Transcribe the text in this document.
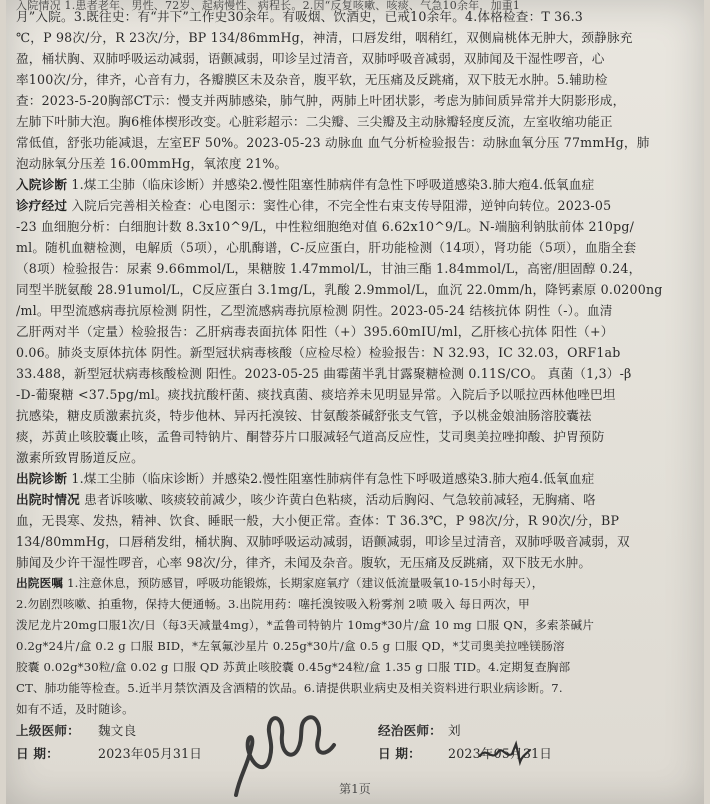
入院情况 1.患者老年、男性、72岁、起病慢性、病程长。2.因“反复咳嗽、咳痰、气急10余年，加重1

月”入院。3.既往史：有“井下”工作史30余年。有吸烟、饮酒史，已戒10余年。4.体格检查：T 36.3

℃，P 98次/分，R 23次/分，BP 134/86mmHg，神清，口唇发绀，咽稍红，双侧扁桃体无肿大，颈静脉充

盈，桶状胸、双肺呼吸运动减弱，语颤减弱，叩诊呈过清音，双肺呼吸音减弱，双肺闻及干湿性啰音，心

率100次/分，律齐，心音有力，各瓣膜区未及杂音，腹平软，无压痛及反跳痛，双下肢无水肿。5.辅助检

查：2023-5-20胸部CT示：慢支并两肺感染，肺气肿，两肺上叶团状影，考虑为肺间质异常并大阴影形成，

左肺下叶肺大泡。胸6椎体楔形改变。心脏彩超示：二尖瓣、三尖瓣及主动脉瓣轻度反流，左室收缩功能正

常低值，舒张功能减退，左室EF 50%。2023-05-23 动脉血 血气分析检验报告：动脉血氧分压 77mmHg，肺

泡动脉氧分压差 16.00mmHg，氧浓度 21%。

入院诊断 1.煤工尘肺（临床诊断）并感染2.慢性阻塞性肺病伴有急性下呼吸道感染3.肺大疱4.低氧血症

诊疗经过 入院后完善相关检查：心电图示：窦性心律，不完全性右束支传导阻滞，逆钟向转位。2023-05

-23 血细胞分析：白细胞计数 8.3x10^9/L，中性粒细胞绝对值 6.62x10^9/L。N-端脑利钠肽前体 210pg/

ml。随机血糖检测，电解质（5项），心肌酶谱，C-反应蛋白，肝功能检测（14项），肾功能（5项），血脂全套

（8项）检验报告：尿素 9.66mmol/L，果糖胺 1.47mmol/L，甘油三酯 1.84mmol/L，高密/胆固醇 0.24，

同型半胱氨酸 28.91umol/L，C反应蛋白 3.1mg/L，乳酸 2.9mmol/L，血沉 22.0mm/h，降钙素原 0.0200ng

/ml。甲型流感病毒抗原检测 阴性，乙型流感病毒抗原检测 阴性。2023-05-24 结核抗体 阴性（-）。血清

乙肝两对半（定量）检验报告：乙肝病毒表面抗体 阳性（+）395.60mIU/ml，乙肝核心抗体 阳性（+）

0.06。肺炎支原体抗体 阴性。新型冠状病毒核酸（应检尽检）检验报告：N 32.93，IC 32.03，ORF1ab

33.488，新型冠状病毒核酸检测 阳性。2023-05-25 曲霉菌半乳甘露聚糖检测 0.11S/CO。 真菌（1,3）-β

-D-葡聚糖 <37.5pg/ml。痰找抗酸杆菌、痰找真菌、痰培养未见明显异常。入院后予以哌拉西林他唑巴坦

抗感染，糖皮质激素抗炎，特步他林、异丙托溴铵、甘氨酸茶碱舒张支气管，予以桃金娘油肠溶胶囊祛

痰，苏黄止咳胶囊止咳，孟鲁司特钠片、酮替芬片口服减轻气道高反应性，艾司奥美拉唑抑酸、护胃预防

激素所致胃肠道反应。

出院诊断 1.煤工尘肺（临床诊断）并感染2.慢性阻塞性肺病伴有急性下呼吸道感染3.肺大疱4.低氧血症

出院时情况 患者诉咳嗽、咳痰较前减少，咳少许黄白色粘痰，活动后胸闷、气急较前减轻，无胸痛、咯

血，无畏寒、发热，精神、饮食、睡眠一般，大小便正常。查体：T 36.3℃，P 98次/分，R 90次/分，BP

134/80mmHg，口唇稍发绀，桶状胸、双肺呼吸运动减弱，语颤减弱，叩诊呈过清音，双肺呼吸音减弱，双

肺闻及少许干湿性啰音，心率 98次/分，律齐，未闻及杂音。腹软，无压痛及反跳痛，双下肢无水肿。

出院医嘱 1.注意休息，预防感冒，呼吸功能锻炼，长期家庭氧疗（建议低流量吸氧10-15小时每天），

2.勿剧烈咳嗽、拍重物，保持大便通畅。3.出院用药：噻托溴铵吸入粉雾剂 2喷 吸入 每日两次，甲

泼尼龙片20mg口服1次/日（每3天减量4mg），*孟鲁司特钠片 10mg*30片/盒 10 mg 口服 QN，多索茶碱片

0.2g*24片/盒 0.2 g 口服 BID，*左氧氟沙星片 0.25g*30片/盒 0.5 g 口服 QD，*艾司奥美拉唑镁肠溶

胶囊 0.02g*30粒/盒 0.02 g 口服 QD 苏黄止咳胶囊 0.45g*24粒/盒 1.35 g 口服 TID。4.定期复查胸部

CT、肺功能等检查。5.近半月禁饮酒及含酒精的饮品。6.请提供职业病史及相关资料进行职业病诊断。7.

如有不适，及时随诊。

上级医师： 魏文良	经治医师： 刘
日 期：	2023年05月31日	日 期： 2023年05月31日
第1页
